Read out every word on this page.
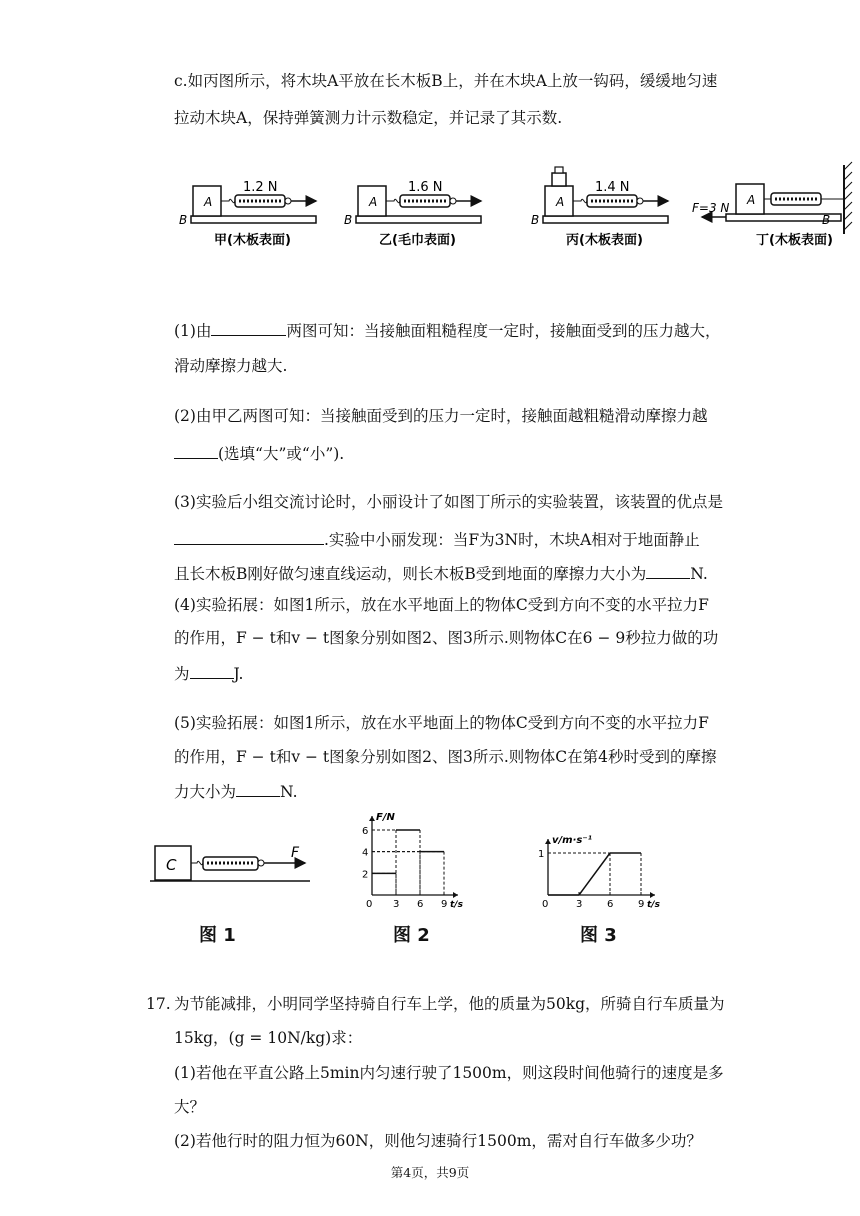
c.如丙图所示，将木块A平放在长木板B上，并在木块A上放一钩码，缓缓地匀速
拉动木块A，保持弹簧测力计示数稳定，并记录了其示数.
A
B
1.2 N
甲(木板表面)
A
B
1.6 N
乙(毛巾表面)
A
B
1.4 N
丙(木板表面)
A
B
F=3 N
丁(木板表面)
(1)由	两图可知：当接触面粗糙程度一定时，接触面受到的压力越大，
滑动摩擦力越大.
(2)由甲乙两图可知：当接触面受到的压力一定时，接触面越粗糙滑动摩擦力越
(选填“大”或“小”).
(3)实验后小组交流讨论时，小丽设计了如图丁所示的实验装置，该装置的优点是
.实验中小丽发现：当F为3N时，木块A相对于地面静止
且长木板B刚好做匀速直线运动，则长木板B受到地面的摩擦力大小为	N.
(4)实验拓展：如图1所示，放在水平地面上的物体C受到方向不变的水平拉力F
的作用，F − t和v − t图象分别如图2、图3所示.则物体C在6 − 9秒拉力做的功
为	J.
(5)实验拓展：如图1所示，放在水平地面上的物体C受到方向不变的水平拉力F
的作用，F − t和v − t图象分别如图2、图3所示.则物体C在第4秒时受到的摩擦
力大小为	N.
C
F
图 1
F/N
t/s
0 3 6 9
2
4
6
图 2
v/m·s⁻¹
t/s
0	3 6 9
1
图 3
17. 为节能减排，小明同学坚持骑自行车上学，他的质量为50kg，所骑自行车质量为
15kg，(g = 10N/kg)求：
(1)若他在平直公路上5min内匀速行驶了1500m，则这段时间他骑行的速度是多
大？
(2)若他行时的阻力恒为60N，则他匀速骑行1500m，需对自行车做多少功？
第4页，共9页
